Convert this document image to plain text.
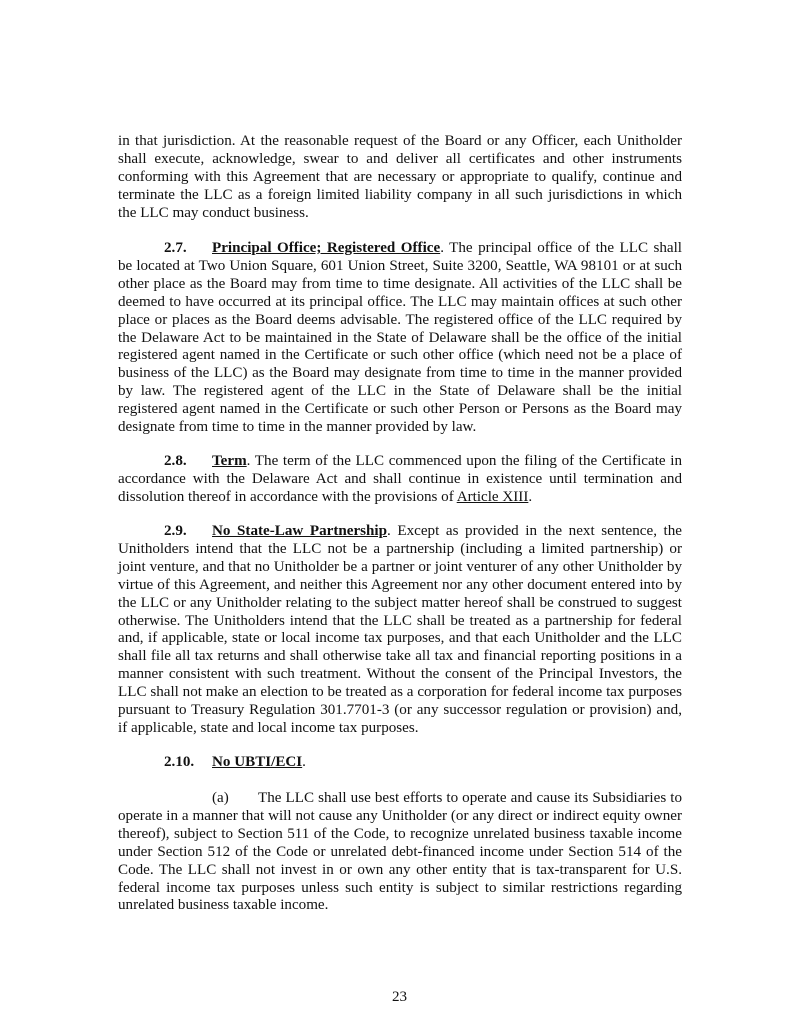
in that jurisdiction. At the reasonable request of the Board or any Officer, each Unitholder shall execute, acknowledge, swear to and deliver all certificates and other instruments conforming with this Agreement that are necessary or appropriate to qualify, continue and terminate the LLC as a foreign limited liability company in all such jurisdictions in which the LLC may conduct business.

2.7. Principal Office; Registered Office. The principal office of the LLC shall be located at Two Union Square, 601 Union Street, Suite 3200, Seattle, WA 98101 or at such other place as the Board may from time to time designate. All activities of the LLC shall be deemed to have occurred at its principal office. The LLC may maintain offices at such other place or places as the Board deems advisable. The registered office of the LLC required by the Delaware Act to be maintained in the State of Delaware shall be the office of the initial registered agent named in the Certificate or such other office (which need not be a place of business of the LLC) as the Board may designate from time to time in the manner provided by law. The registered agent of the LLC in the State of Delaware shall be the initial registered agent named in the Certificate or such other Person or Persons as the Board may designate from time to time in the manner provided by law.

2.8. Term. The term of the LLC commenced upon the filing of the Certificate in accordance with the Delaware Act and shall continue in existence until termination and dissolution thereof in accordance with the provisions of Article XIII.

2.9. No State-Law Partnership. Except as provided in the next sentence, the Unitholders intend that the LLC not be a partnership (including a limited partnership) or joint venture, and that no Unitholder be a partner or joint venturer of any other Unitholder by virtue of this Agreement, and neither this Agreement nor any other document entered into by the LLC or any Unitholder relating to the subject matter hereof shall be construed to suggest otherwise. The Unitholders intend that the LLC shall be treated as a partnership for federal and, if applicable, state or local income tax purposes, and that each Unitholder and the LLC shall file all tax returns and shall otherwise take all tax and financial reporting positions in a manner consistent with such treatment. Without the consent of the Principal Investors, the LLC shall not make an election to be treated as a corporation for federal income tax purposes pursuant to Treasury Regulation 301.7701-3 (or any successor regulation or provision) and, if applicable, state and local income tax purposes.

2.10. No UBTI/ECI.

(a) The LLC shall use best efforts to operate and cause its Subsidiaries to operate in a manner that will not cause any Unitholder (or any direct or indirect equity owner thereof), subject to Section 511 of the Code, to recognize unrelated business taxable income under Section 512 of the Code or unrelated debt-financed income under Section 514 of the Code. The LLC shall not invest in or own any other entity that is tax-transparent for U.S. federal income tax purposes unless such entity is subject to similar restrictions regarding unrelated business taxable income.

23
